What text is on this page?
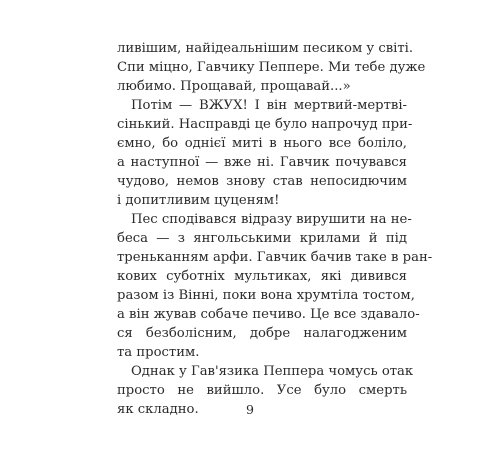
ливішим, найідеальнішим песиком у світі.
Спи міцно, Гавчику Пеппере. Ми тебе дуже
любимо. Прощавай, прощавай...»
Потім — ВЖУХ! І він мертвий-мертві-
сінький. Насправді це було напрочуд при-
ємно, бо однієї миті в нього все боліло,
а наступної — вже ні. Гавчик почувався
чудово, немов знову став непосидючим
і допитливим цуценям!
Пес сподівався відразу вирушити на не-
беса — з янгольськими крилами й під
треньканням арфи. Гавчик бачив таке в ран-
кових суботніх мультиках, які дивився
разом із Вінні, поки вона хрумтіла тостом,
а він жував собаче печиво. Це все здавало-
ся безболісним, добре налагодженим
та простим.
Однак у Гав'язика Пеппера чомусь отак
просто не вийшло. Усе було смерть
як складно.	9
